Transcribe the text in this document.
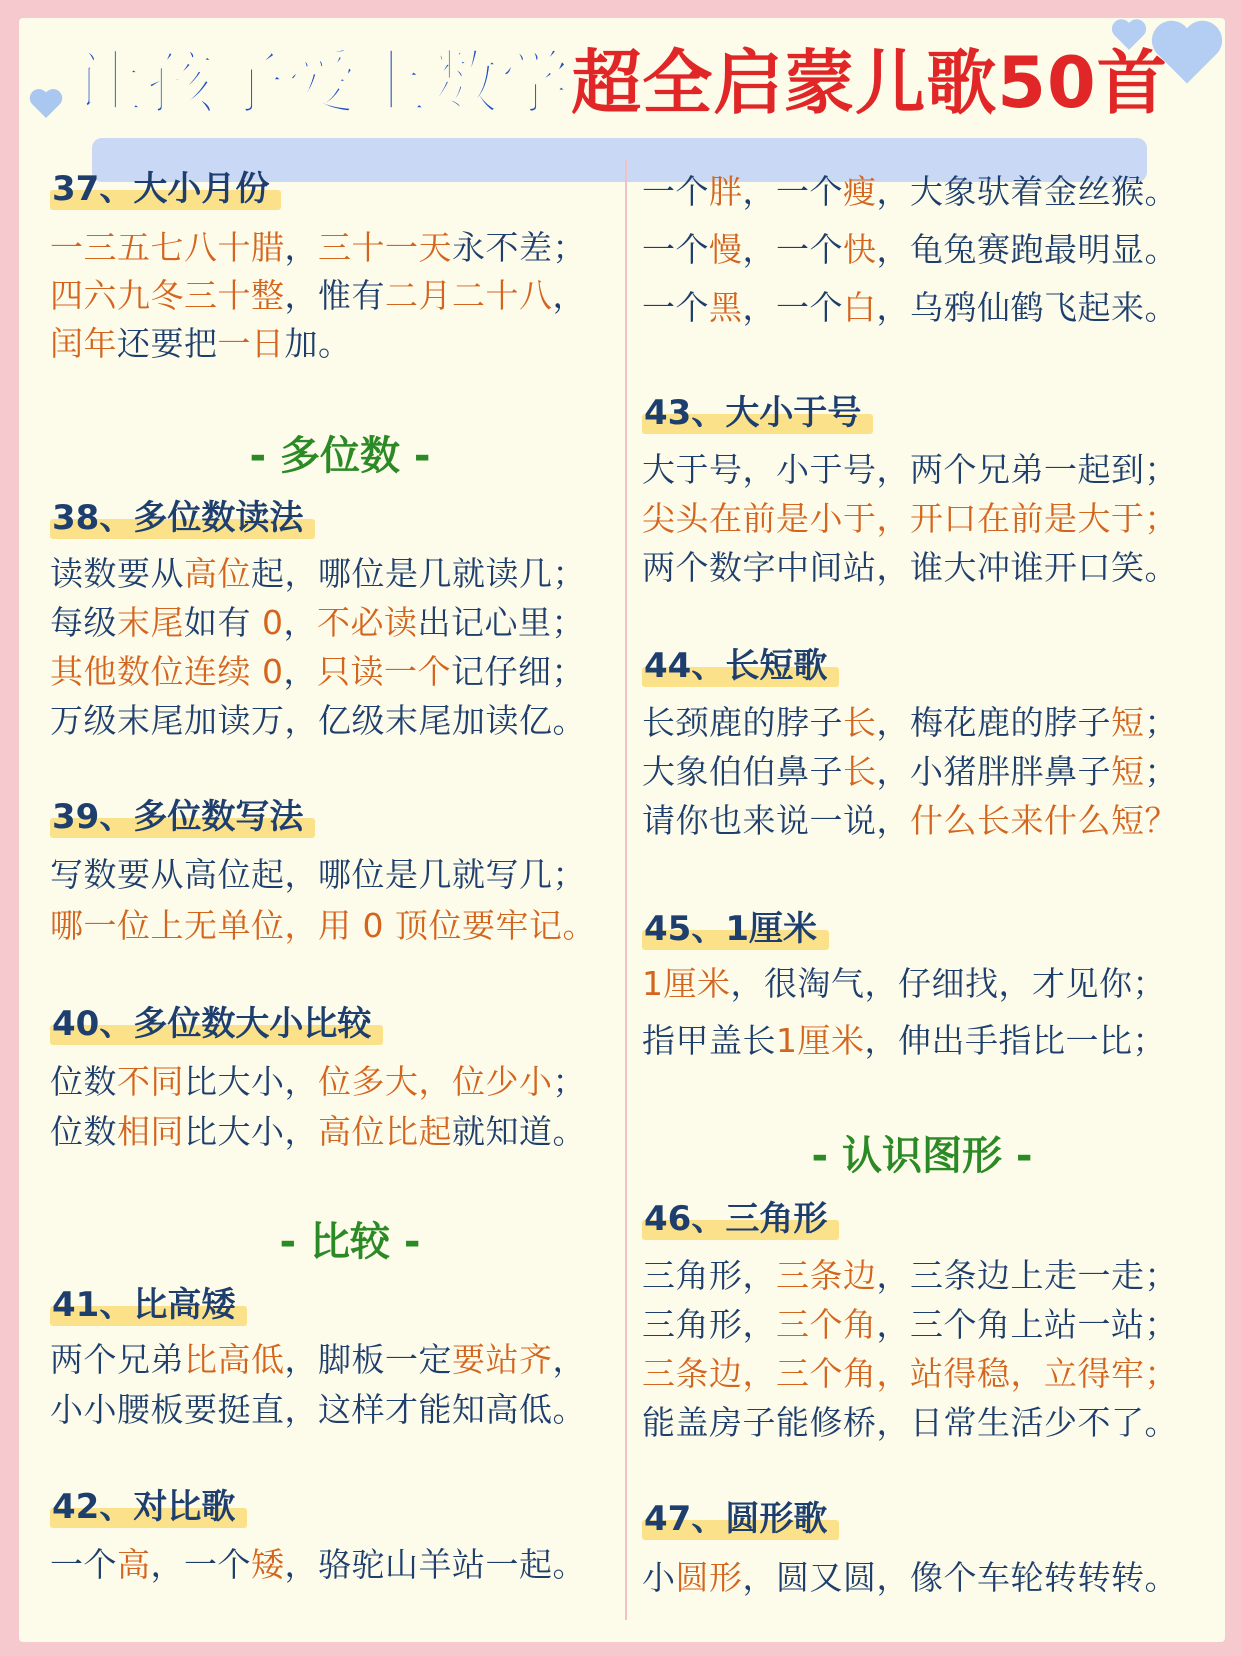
让孩子爱上数学超全启蒙儿歌50首
37、大小月份
一三五七八十腊，三十一天永不差；
四六九冬三十整，惟有二月二十八，
闰年还要把一日加。
- 多位数 -
38、多位数读法
读数要从高位起，哪位是几就读几；
每级末尾如有 0，不必读出记心里；
其他数位连续 0，只读一个记仔细；
万级末尾加读万，亿级末尾加读亿。
39、多位数写法
写数要从高位起，哪位是几就写几；
哪一位上无单位，用 0 顶位要牢记。
40、多位数大小比较
位数不同比大小，位多大，位少小；
位数相同比大小，高位比起就知道。
- 比较 -
41、比高矮
两个兄弟比高低，脚板一定要站齐，
小小腰板要挺直，这样才能知高低。
42、对比歌
一个高，一个矮，骆驼山羊站一起。
一个胖，一个瘦，大象驮着金丝猴。
一个慢，一个快，龟兔赛跑最明显。
一个黑，一个白，乌鸦仙鹤飞起来。
43、大小于号
大于号，小于号，两个兄弟一起到；
尖头在前是小于，开口在前是大于；
两个数字中间站，谁大冲谁开口笑。
44、长短歌
长颈鹿的脖子长，梅花鹿的脖子短；
大象伯伯鼻子长，小猪胖胖鼻子短；
请你也来说一说，什么长来什么短？
45、1厘米
1厘米，很淘气，仔细找，才见你；
指甲盖长1厘米，伸出手指比一比；
- 认识图形 -
46、三角形
三角形，三条边，三条边上走一走；
三角形，三个角，三个角上站一站；
三条边，三个角，站得稳，立得牢；
能盖房子能修桥，日常生活少不了。
47、圆形歌
小圆形，圆又圆，像个车轮转转转。
